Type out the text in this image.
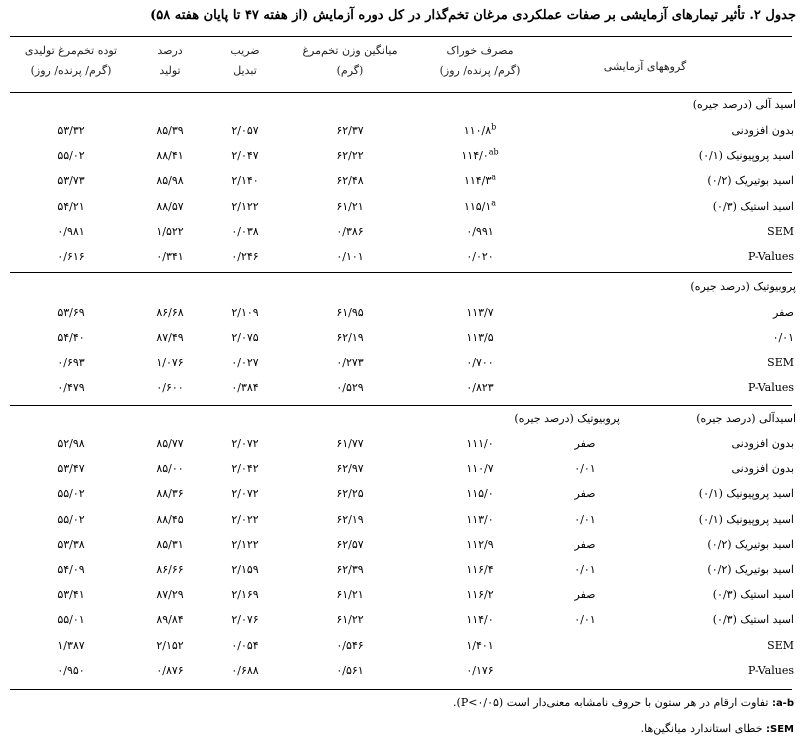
جدول ۲. تأثیر تیمارهای آزمایشی بر صفات عملکردی مرغان تخم‌گذار در کل دوره آزمایش (از هفته ۴۷ تا پایان هفته ۵۸)
گروههای آزمایشی
مصرف خوراک
(گرم/ پرنده/ روز)
میانگین وزن تخم‌مرغ
(گرم)
ضریب
تبدیل
درصد
تولید
توده تخم‌مرغ تولیدی
(گرم/ پرنده/ روز)
اسید آلی (درصد جیره)
بدون افزودنی
۱۱۰/۸$^b$
۶۲/۳۷
۲/۰۵۷
۸۵/۳۹
۵۳/۳۲
اسید پروپیونیک (۰/۱)
$۱۱۴/۰^{ab}$
۶۲/۲۲
۲/۰۴۷
۸۸/۴۱
۵۵/۰۲
اسید بوتیریک (۰/۲)
۱۱۴/۳$^a$
۶۲/۴۸
۲/۱۴۰
۸۵/۹۸
۵۳/۷۳
اسید استیک (۰/۳)
۱۱۵/۱$^a$
۶۱/۲۱
۲/۱۲۲
۸۸/۵۷
۵۴/۲۱
SEM
۰/۹۹۱
۰/۳۸۶
۰/۰۳۸
۱/۵۲۲
۰/۹۸۱
P-Values
۰/۰۲۰
۰/۱۰۱
۰/۲۴۶
۰/۳۴۱
۰/۶۱۶
پروبیوتیک (درصد جیره)
صفر
۱۱۳/۷
۶۱/۹۵
۲/۱۰۹
۸۶/۶۸
۵۳/۶۹
۰/۰۱
۱۱۳/۵
۶۲/۱۹
۲/۰۷۵
۸۷/۴۹
۵۴/۴۰
SEM
۰/۷۰۰
۰/۲۷۳
۰/۰۲۷
۱/۰۷۶
۰/۶۹۳
P-Values
۰/۸۲۳
۰/۵۲۹
۰/۳۸۴
۰/۶۰۰
۰/۴۷۹
اسیدآلی (درصد جیره)
پروبیوتیک (درصد جیره)
بدون افزودنی
صفر
۱۱۱/۰
۶۱/۷۷
۲/۰۷۲
۸۵/۷۷
۵۲/۹۸
بدون افزودنی
۰/۰۱
۱۱۰/۷
۶۲/۹۷
۲/۰۴۲
۸۵/۰۰
۵۳/۴۷
اسید پروپیونیک (۰/۱)
صفر
۱۱۵/۰
۶۲/۲۵
۲/۰۷۲
۸۸/۳۶
۵۵/۰۲
اسید پروپیونیک (۰/۱)
۰/۰۱
۱۱۳/۰
۶۲/۱۹
۲/۰۲۲
۸۸/۴۵
۵۵/۰۲
اسید بوتیریک (۰/۲)
صفر
۱۱۲/۹
۶۲/۵۷
۲/۱۲۲
۸۵/۳۱
۵۳/۳۸
اسید بوتیریک (۰/۲)
۰/۰۱
۱۱۶/۴
۶۲/۳۹
۲/۱۵۹
۸۶/۶۶
۵۴/۰۹
اسید استیک (۰/۳)
صفر
۱۱۶/۲
۶۱/۲۱
۲/۱۶۹
۸۷/۲۹
۵۳/۴۱
اسید استیک (۰/۳)
۰/۰۱
۱۱۴/۰
۶۱/۲۲
۲/۰۷۶
۸۹/۸۴
۵۵/۰۱
SEM
۱/۴۰۱
۰/۵۴۶
۰/۰۵۴
۲/۱۵۲
۱/۳۸۷
P-Values
۰/۱۷۶
۰/۵۶۱
۰/۶۸۸
۰/۸۷۶
۰/۹۵۰
a-b: تفاوت ارقام در هر ستون با حروف نامشابه معنی‌دار است (P<۰/۰۵).
SEM: خطای استاندارد میانگین‌ها.
